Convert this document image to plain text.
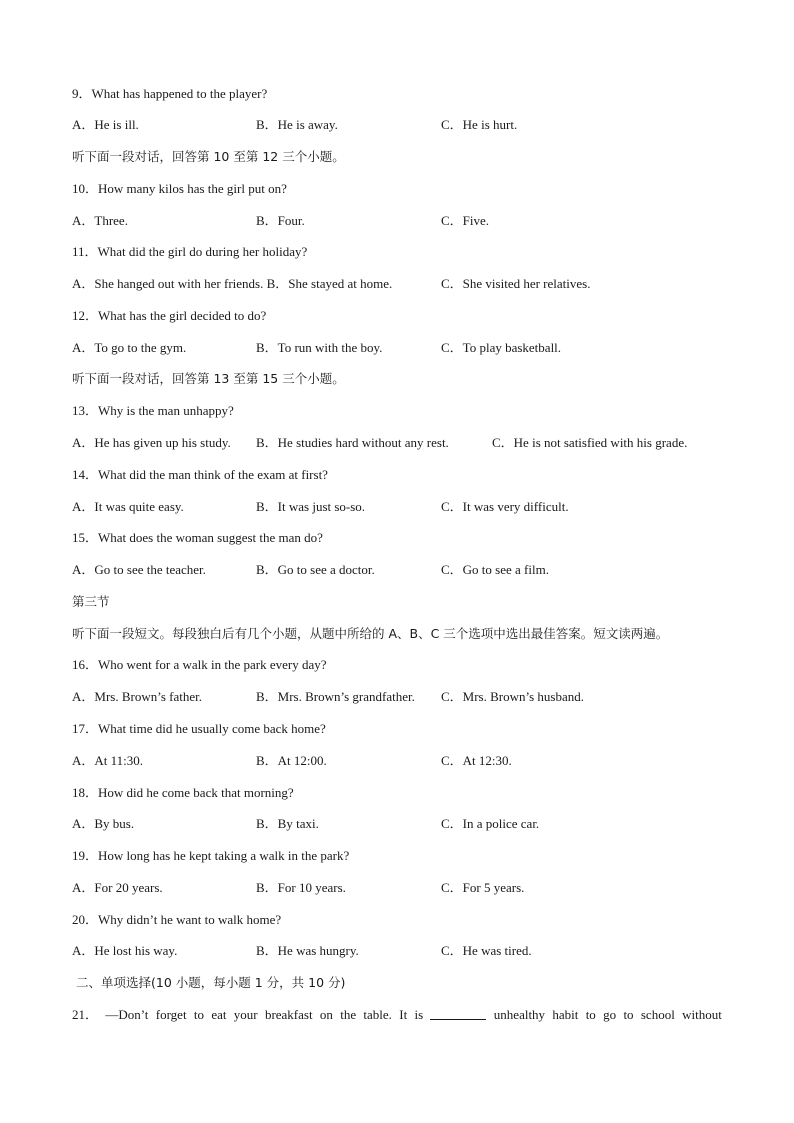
9．What has happened to the player?
A．He is ill.	B．He is away.	C．He is hurt.
听下面一段对话，回答第 10 至第 12 三个小题。
10．How many kilos has the girl put on?
A．Three.	B．Four.	C．Five.
11．What did the girl do during her holiday?
A．She hanged out with her friends. B．She stayed at home.	C．She visited her relatives.
12．What has the girl decided to do?
A．To go to the gym.	B．To run with the boy.	C．To play basketball.
听下面一段对话，回答第 13 至第 15 三个小题。
13．Why is the man unhappy?
A．He has given up his study. B．He studies hard without any rest.	C．He is not satisfied with his grade.
14．What did the man think of the exam at first?
A．It was quite easy.	B．It was just so-so.	C．It was very difficult.
15．What does the woman suggest the man do?
A．Go to see the teacher.	B．Go to see a doctor.	C．Go to see a film.
第三节
听下面一段短文。每段独白后有几个小题，从题中所给的 A、B、C 三个选项中选出最佳答案。短文读两遍。
16．Who went for a walk in the park every day?
A．Mrs. Brown’s father.	B．Mrs. Brown’s grandfather. C．Mrs. Brown’s husband.
17．What time did he usually come back home?
A．At 11:30.	B．At 12:00.	C．At 12:30.
18．How did he come back that morning?
A．By bus.	B．By taxi.	C．In a police car.
19．How long has he kept taking a walk in the park?
A．For 20 years.	B．For 10 years.	C．For 5 years.
20．Why didn’t he want to walk home?
A．He lost his way.	B．He was hungry.	C．He was tired.
二、单项选择(10 小题，每小题 1 分，共 10 分)
21． —Don’t forget to eat your breakfast on the table. It is	unhealthy habit to go to school without
